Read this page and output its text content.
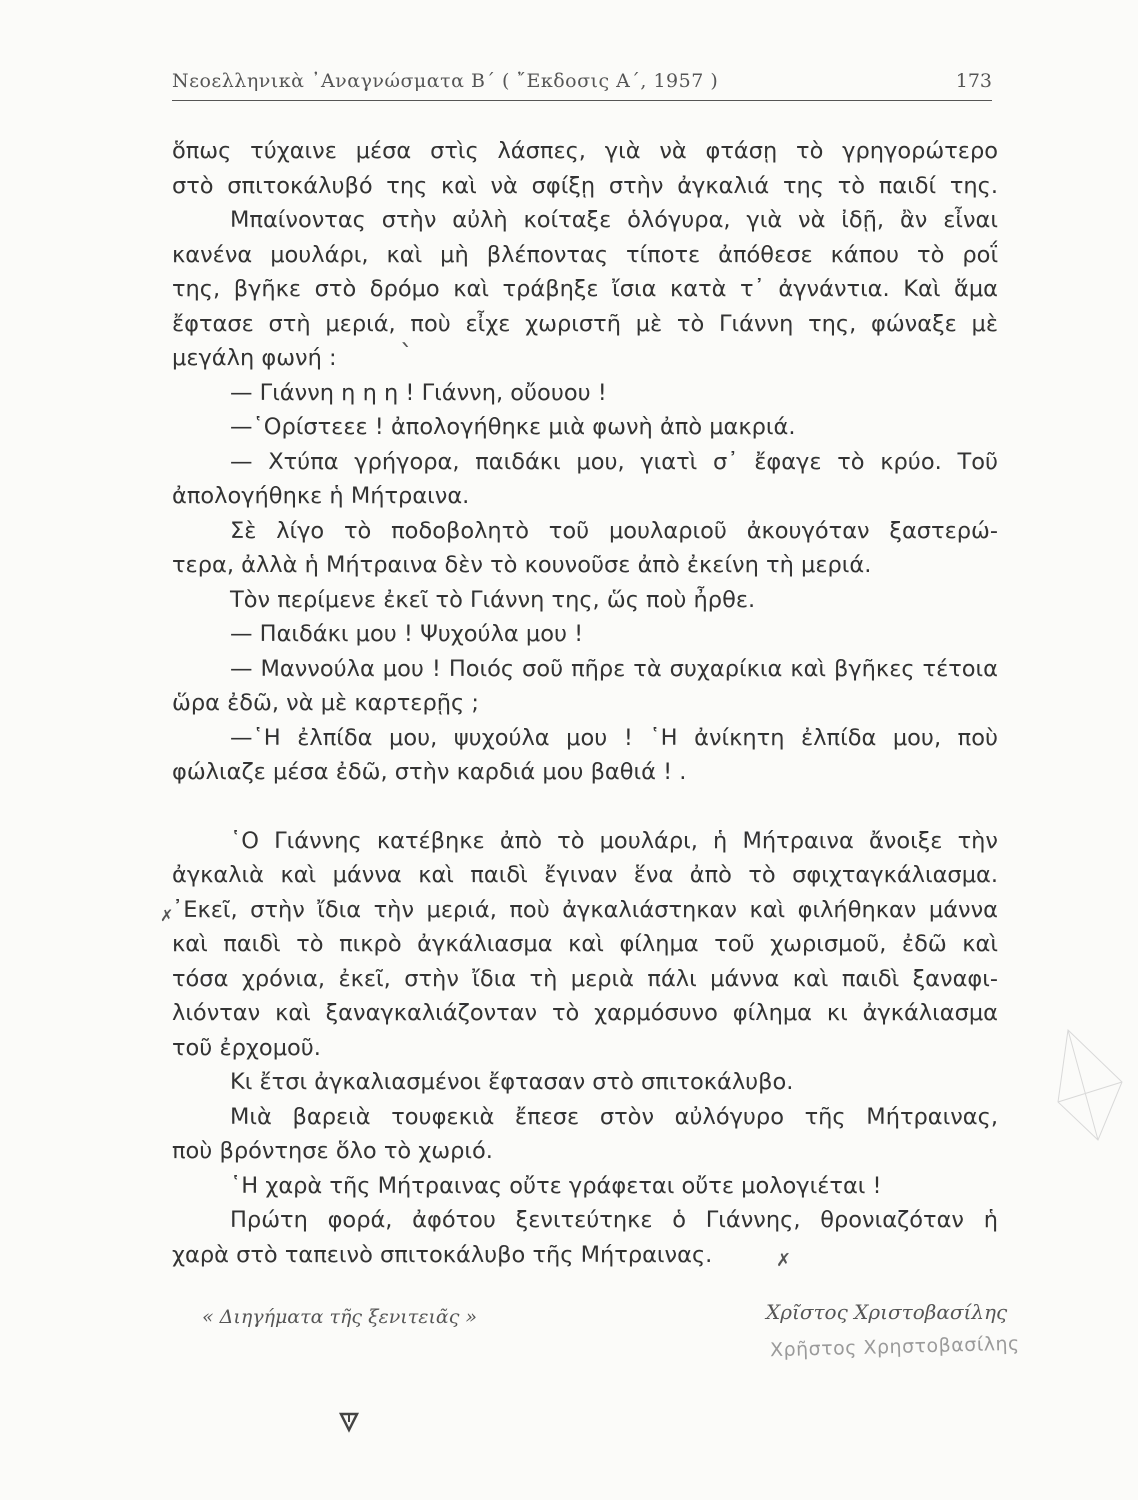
Νεοελληνικὰ ᾿Αναγνώσματα Β΄ ( ῎Εκδοσις Α΄, 1957 )	173
ὅπως τύχαινε μέσα στὶς λάσπες, γιὰ νὰ φτάσῃ τὸ γρηγορώτερο
στὸ σπιτοκάλυβό της καὶ νὰ σφίξῃ στὴν ἀγκαλιά της τὸ παιδί της.
Μπαίνοντας στὴν αὐλὴ κοίταξε ὁλόγυρα, γιὰ νὰ ἰδῇ, ἂν εἶναι
κανένα μουλάρι, καὶ μὴ βλέποντας τίποτε ἀπόθεσε κάπου τὸ ροΐ
της, βγῆκε στὸ δρόμο καὶ τράβηξε ἴσια κατὰ τ᾿ ἀγνάντια. Καὶ ἅμα
ἔφτασε στὴ μεριά, ποὺ εἶχε χωριστῆ μὲ τὸ Γιάννη της, φώναξε μὲ
μεγάλη φωνή :
— Γιάννη η η η ! Γιάννη, οὔουου !
—῾Ορίστεεε ! ἀπολογήθηκε μιὰ φωνὴ ἀπὸ μακριά.
— Χτύπα γρήγορα, παιδάκι μου, γιατὶ σ᾿ ἔφαγε τὸ κρύο. Τοῦ
ἀπολογήθηκε ἡ Μήτραινα.
Σὲ λίγο τὸ ποδοβολητὸ τοῦ μουλαριοῦ ἀκουγόταν ξαστερώ-
τερα, ἀλλὰ ἡ Μήτραινα δὲν τὸ κουνοῦσε ἀπὸ ἐκείνη τὴ μεριά.
Τὸν περίμενε ἐκεῖ τὸ Γιάννη της, ὥς ποὺ ἦρθε.
— Παιδάκι μου ! Ψυχούλα μου !
— Μαννούλα μου ! Ποιός σοῦ πῆρε τὰ συχαρίκια καὶ βγῆκες τέτοια
ὥρα ἐδῶ, νὰ μὲ καρτερῇς ;
—῾Η ἐλπίδα μου, ψυχούλα μου ! ῾Η ἀνίκητη ἐλπίδα μου, ποὺ
φώλιαζε μέσα ἐδῶ, στὴν καρδιά μου βαθιά ! .
῾Ο Γιάννης κατέβηκε ἀπὸ τὸ μουλάρι, ἡ Μήτραινα ἄνοιξε τὴν
ἀγκαλιὰ καὶ μάννα καὶ παιδὶ ἔγιναν ἕνα ἀπὸ τὸ σφιχταγκάλιασμα.
᾿Εκεῖ, στὴν ἴδια τὴν μεριά, ποὺ ἀγκαλιάστηκαν καὶ φιλήθηκαν μάννα
καὶ παιδὶ τὸ πικρὸ ἀγκάλιασμα καὶ φίλημα τοῦ χωρισμοῦ, ἐδῶ καὶ
τόσα χρόνια, ἐκεῖ, στὴν ἴδια τὴ μεριὰ πάλι μάννα καὶ παιδὶ ξαναφι-
λιόνταν καὶ ξαναγκαλιάζονταν τὸ χαρμόσυνο φίλημα κι ἀγκάλιασμα
τοῦ ἐρχομοῦ.
Κι ἔτσι ἀγκαλιασμένοι ἔφτασαν στὸ σπιτοκάλυβο.
Μιὰ βαρειὰ τουφεκιὰ ἔπεσε στὸν αὐλόγυρο τῆς Μήτραινας,
ποὺ βρόντησε ὅλο τὸ χωριό.
῾Η χαρὰ τῆς Μήτραινας οὔτε γράφεται οὔτε μολογιέται !
Πρώτη φορά, ἀφότου ξενιτεύτηκε ὁ Γιάννης, θρονιαζόταν ἡ
χαρὰ στὸ ταπεινὸ σπιτοκάλυβο τῆς Μήτραινας.
ˋ
✗
✗
« Διηγήματα τῆς ξενιτειᾶς »	Χρῖστος Χριστοβασίλης
Χρῆστος Χρηστοβασίλης
